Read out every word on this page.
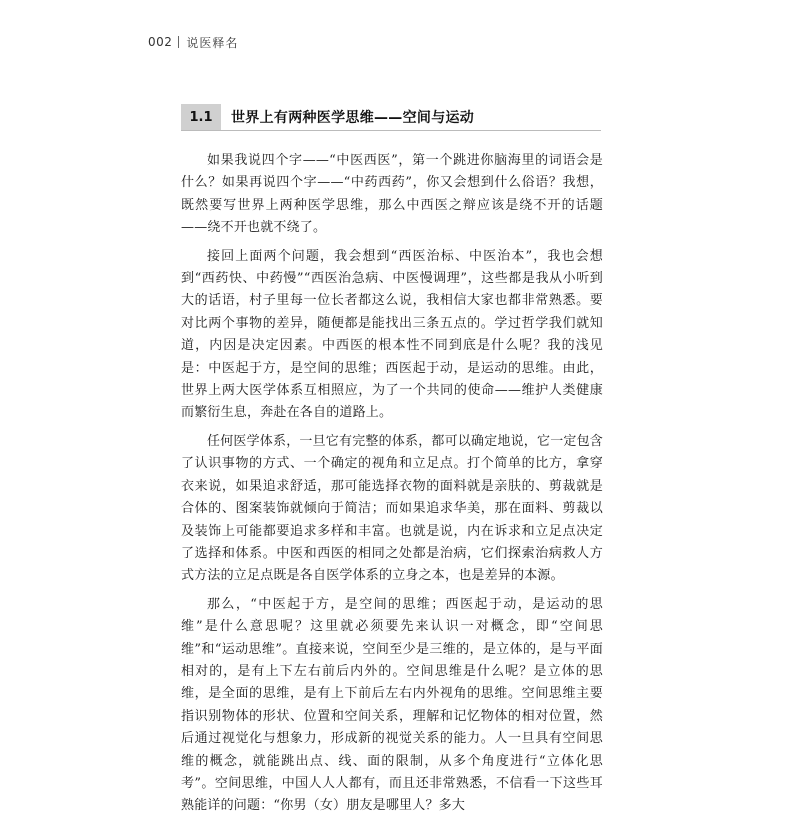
002 说医释名
1.1	世界上有两种医学思维——空间与运动

如果我说四个字——“中医西医”，第一个跳进你脑海里的词语会是什么？如果再说四个字——“中药西药”，你又会想到什么俗语？我想，既然要写世界上两种医学思维，那么中西医之辩应该是绕不开的话题——绕不开也就不绕了。

接回上面两个问题，我会想到“西医治标、中医治本”，我也会想到“西药快、中药慢”“西医治急病、中医慢调理”，这些都是我从小听到大的话语，村子里每一位长者都这么说，我相信大家也都非常熟悉。要对比两个事物的差异，随便都是能找出三条五点的。学过哲学我们就知道，内因是决定因素。中西医的根本性不同到底是什么呢？我的浅见是：中医起于方，是空间的思维；西医起于动，是运动的思维。由此，世界上两大医学体系互相照应，为了一个共同的使命——维护人类健康而繁衍生息，奔赴在各自的道路上。

任何医学体系，一旦它有完整的体系，都可以确定地说，它一定包含了认识事物的方式、一个确定的视角和立足点。打个简单的比方，拿穿衣来说，如果追求舒适，那可能选择衣物的面料就是亲肤的、剪裁就是合体的、图案装饰就倾向于简洁；而如果追求华美，那在面料、剪裁以及装饰上可能都要追求多样和丰富。也就是说，内在诉求和立足点决定了选择和体系。中医和西医的相同之处都是治病，它们探索治病救人方式方法的立足点既是各自医学体系的立身之本，也是差异的本源。

那么，“中医起于方，是空间的思维；西医起于动，是运动的思维”是什么意思呢？这里就必须要先来认识一对概念，即“空间思维”和“运动思维”。直接来说，空间至少是三维的，是立体的，是与平面相对的，是有上下左右前后内外的。空间思维是什么呢？是立体的思维，是全面的思维，是有上下前后左右内外视角的思维。空间思维主要指识别物体的形状、位置和空间关系，理解和记忆物体的相对位置，然后通过视觉化与想象力，形成新的视觉关系的能力。人一旦具有空间思维的概念，就能跳出点、线、面的限制，从多个角度进行“立体化思考”。空间思维，中国人人人都有，而且还非常熟悉，不信看一下这些耳熟能详的问题：“你男（女）朋友是哪里人？多大
